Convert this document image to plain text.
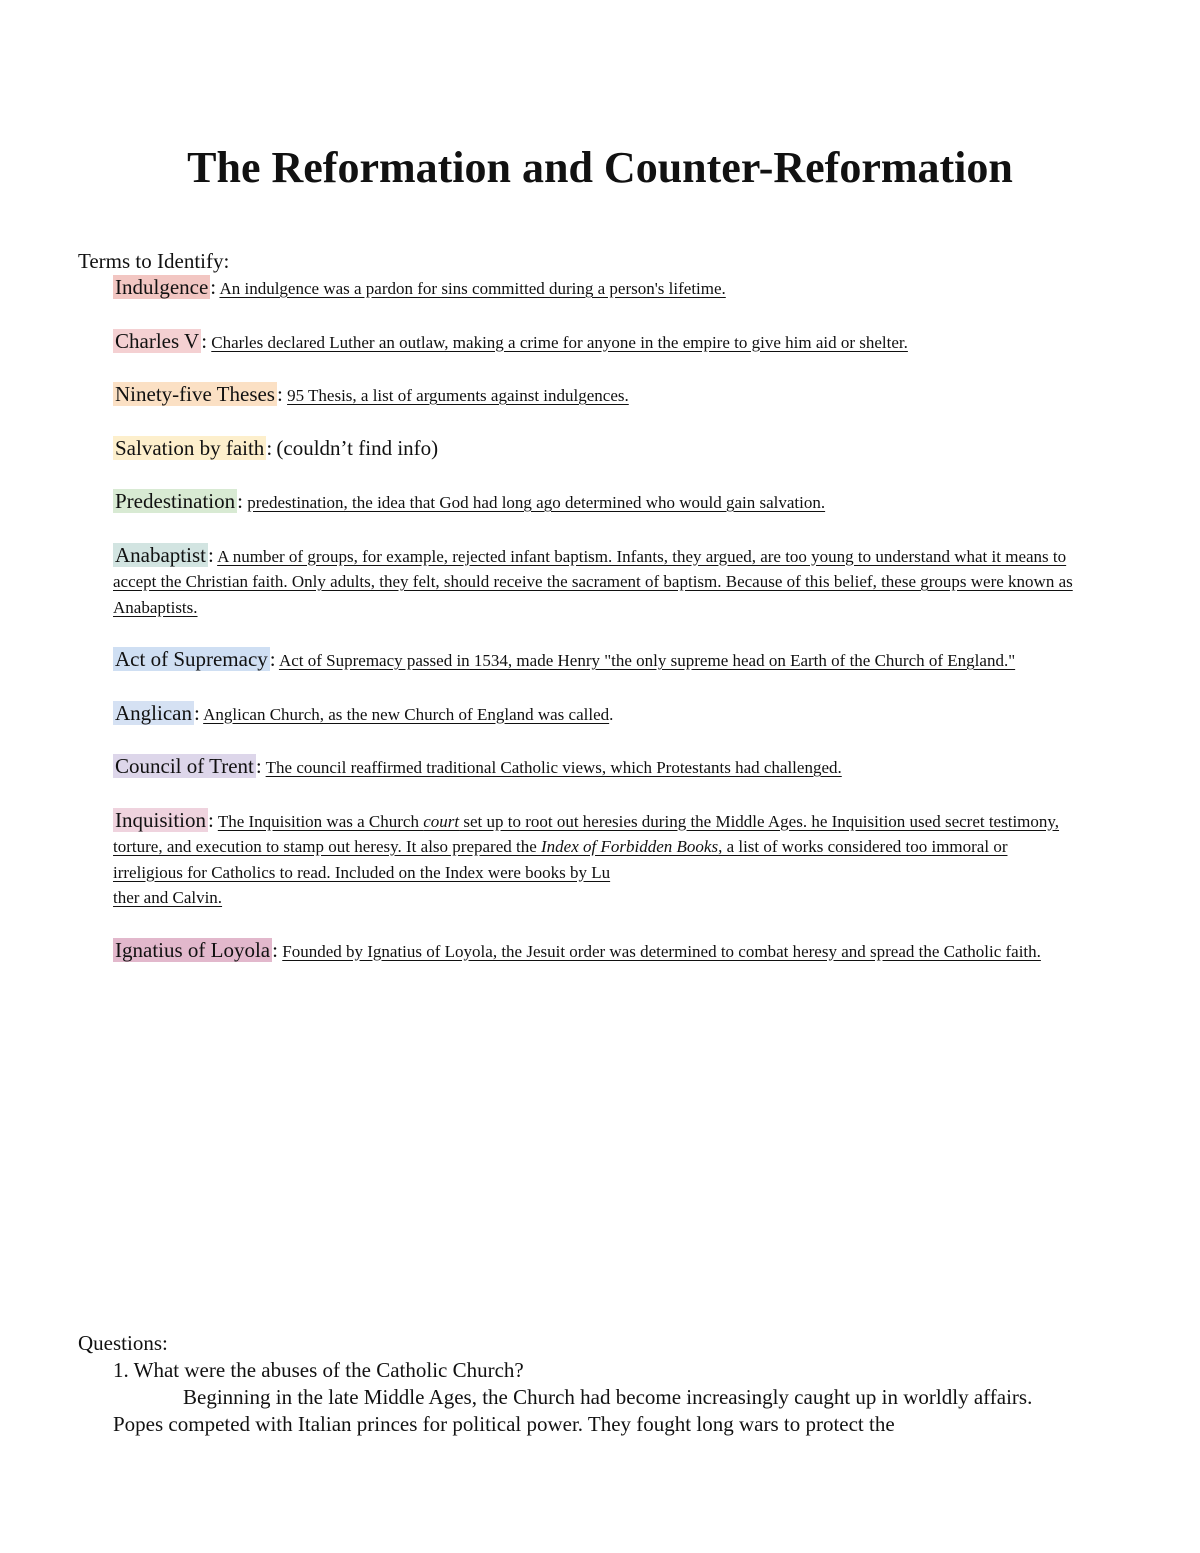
The Reformation and Counter-Reformation
Terms to Identify:

Indulgence: An indulgence was a pardon for sins committed during a person's lifetime.

Charles V: Charles declared Luther an outlaw, making a crime for anyone in the empire to give him aid or shelter.

Ninety-five Theses: 95 Thesis, a list of arguments against indulgences.

Salvation by faith: (couldn’t find info)

Predestination: predestination, the idea that God had long ago determined who would gain salvation.

Anabaptist: A number of groups, for example, rejected infant baptism. Infants, they argued, are too young to understand what it means to accept the Christian faith. Only adults, they felt, should receive the sacrament of baptism. Because of this belief, these groups were known as Anabaptists.

Act of Supremacy: Act of Supremacy passed in 1534, made Henry "the only supreme head on Earth of the Church of England."

Anglican: Anglican Church, as the new Church of England was called.

Council of Trent: The council reaffirmed traditional Catholic views, which Protestants had challenged.

Inquisition: The Inquisition was a Church court set up to root out heresies during the Middle Ages. he Inquisition used secret testimony, torture, and execution to stamp out heresy. It also prepared the Index of Forbidden Books, a list of works considered too immoral or irreligious for Catholics to read. Included on the Index were books by Lu
ther and Calvin.

Ignatius of Loyola: Founded by Ignatius of Loyola, the Jesuit order was determined to combat heresy and spread the Catholic faith.

Questions:

1. What were the abuses of the Catholic Church?

Beginning in the late Middle Ages, the Church had become increasingly caught up in worldly affairs. Popes competed with Italian princes for political power. They fought long wars to protect the
